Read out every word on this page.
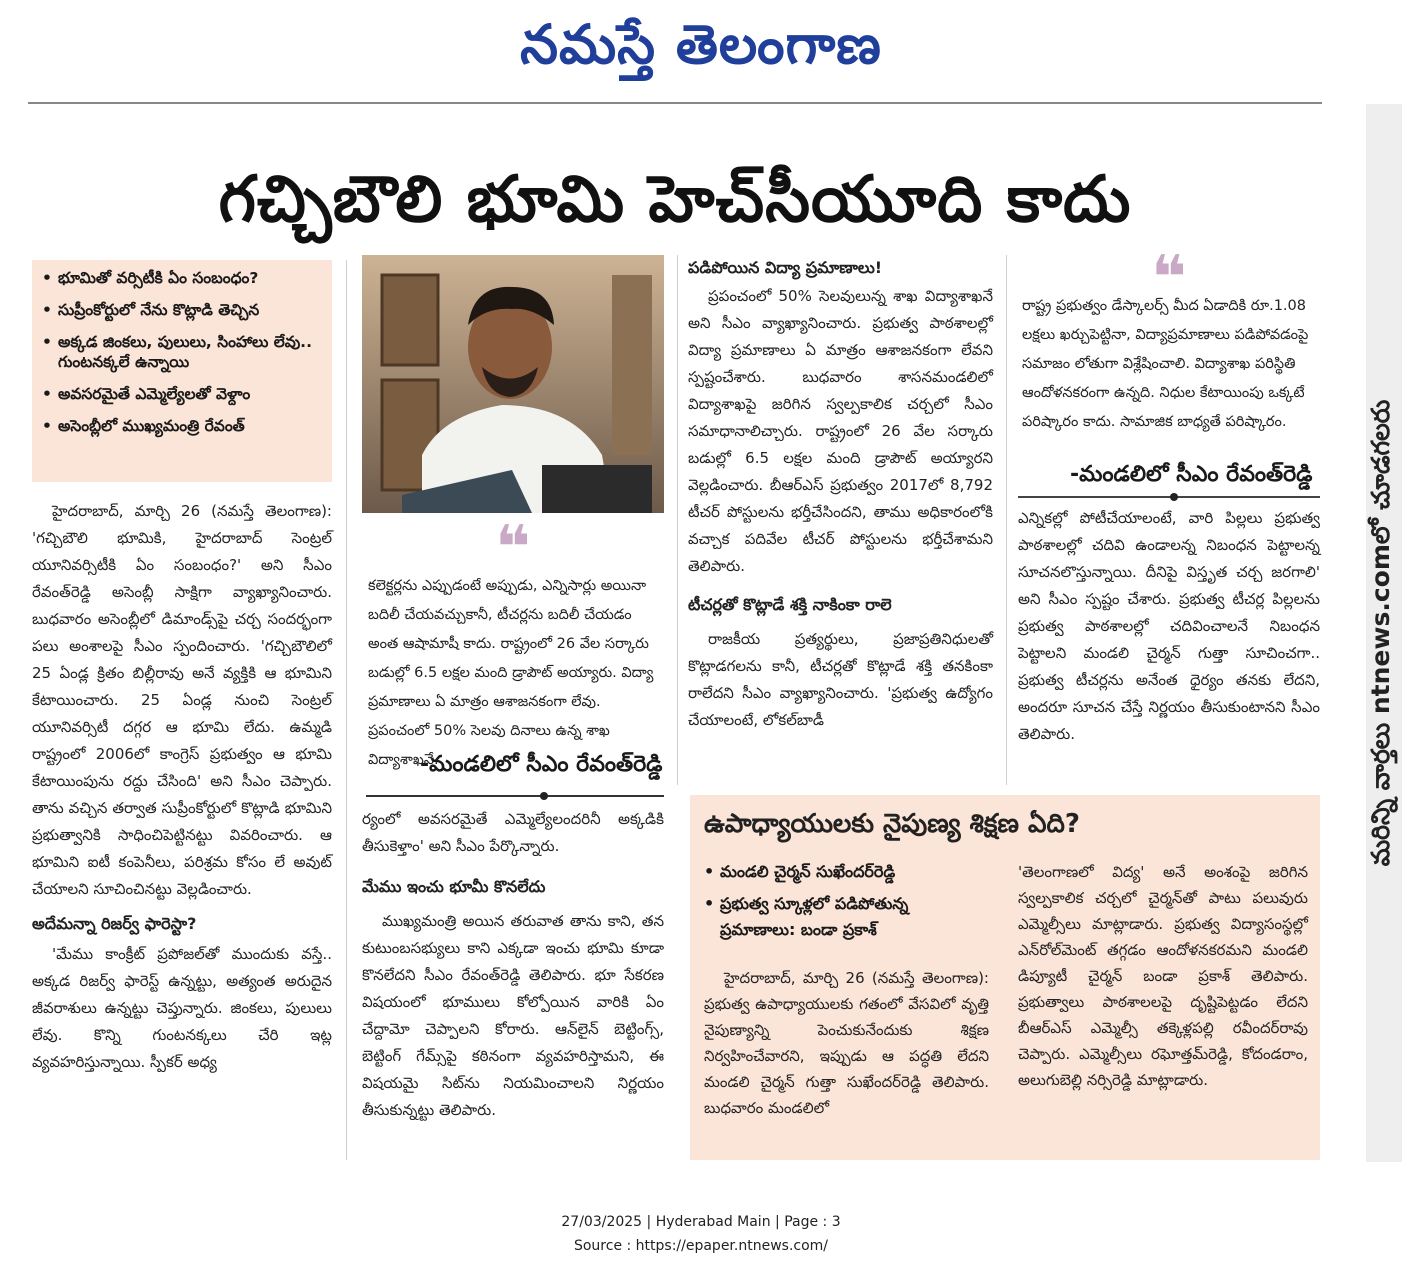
నమస్తే తెలంగాణ
గచ్చిబౌలి భూమి హెచ్‌సీయూది కాదు
మరిన్ని వార్తలు ntnews.comలో చూడగలరు
• భూమితో వర్సిటీకి ఏం సంబంధం?
• సుప్రీంకోర్టులో నేను కొట్లాడి తెచ్చిన
• అక్కడ జింకలు, పులులు, సింహాలు లేవు.. గుంటనక్కలే ఉన్నాయి
• అవసరమైతే ఎమ్మెల్యేలతో వెళ్దాం
• అసెంబ్లీలో ముఖ్యమంత్రి రేవంత్

హైదరాబాద్, మార్చి 26 (నమస్తే తెలంగాణ): 'గచ్చిబౌలి భూమికి, హైదరాబాద్ సెంట్రల్ యూనివర్సిటీకి ఏం సంబంధం?' అని సీఎం రేవంత్‌రెడ్డి అసెంబ్లీ సాక్షిగా వ్యాఖ్యానించారు. బుధవారం అసెంబ్లీలో డిమాండ్స్‌పై చర్చ సందర్భంగా పలు అంశాలపై సీఎం స్పందించారు. 'గచ్చిబౌలిలో 25 ఏండ్ల క్రితం బిల్లీరావు అనే వ్యక్తికి ఆ భూమిని కేటాయించారు. 25 ఏండ్ల నుంచి సెంట్రల్ యూనివర్సిటీ దగ్గర ఆ భూమి లేదు. ఉమ్మడి రాష్ట్రంలో 2006లో కాంగ్రెస్ ప్రభుత్వం ఆ భూమి కేటాయింపును రద్దు చేసింది' అని సీఎం చెప్పారు. తాను వచ్చిన తర్వాత సుప్రీంకోర్టులో కొట్లాడి భూమిని ప్రభుత్వానికి సాధించిపెట్టినట్టు వివరించారు. ఆ భూమిని ఐటీ కంపెనీలు, పరిశ్రమ కోసం లే అవుట్ చేయాలని సూచించినట్టు వెల్లడించారు.

అదేమన్నా రిజర్వ్ ఫారెస్టా?

'మేము కాంక్రీట్ ప్రపోజల్‌తో ముందుకు వస్తే.. అక్కడ రిజర్వ్ ఫారెస్ట్ ఉన్నట్టు, అత్యంత అరుదైన జీవరాశులు ఉన్నట్టు చెప్తున్నారు. జింకలు, పులులు లేవు. కొన్ని గుంటనక్కలు చేరి ఇట్ల వ్యవహరిస్తున్నాయి. స్పీకర్ అధ్య

❝
కలెక్టర్లను ఎప్పుడంటే అప్పుడు, ఎన్నిసార్లు అయినా బదిలీ చేయవచ్చుకానీ, టీచర్లను బదిలీ చేయడం అంత ఆషామాషీ కాదు. రాష్ట్రంలో 26 వేల సర్కారు బడుల్లో 6.5 లక్షల మంది డ్రాపౌట్ అయ్యారు. విద్యా ప్రమాణాలు ఏ మాత్రం ఆశాజనకంగా లేవు. ప్రపంచంలో 50% సెలవు దినాలు ఉన్న శాఖ విద్యాశాఖనే.
-మండలిలో సీఎం రేవంత్‌రెడ్డి

ర్యంలో అవసరమైతే ఎమ్మెల్యేలందరినీ అక్కడికి తీసుకెళ్తాం' అని సీఎం పేర్కొన్నారు.

మేము ఇంచు భూమీ కొనలేదు

ముఖ్యమంత్రి అయిన తరువాత తాను కాని, తన కుటుంబసభ్యులు కాని ఎక్కడా ఇంచు భూమి కూడా కొనలేదని సీఎం రేవంత్‌రెడ్డి తెలిపారు. భూ సేకరణ విషయంలో భూములు కోల్పోయిన వారికి ఏం చేద్దామో చెప్పాలని కోరారు. ఆన్‌లైన్ బెట్టింగ్స్, బెట్టింగ్ గేమ్స్‌పై కఠినంగా వ్యవహరిస్తామని, ఈ విషయమై సిట్‌ను నియమించాలని నిర్ణయం తీసుకున్నట్టు తెలిపారు.

పడిపోయిన విద్యా ప్రమాణాలు!

ప్రపంచంలో 50% సెలవులున్న శాఖ విద్యాశాఖనే అని సీఎం వ్యాఖ్యానించారు. ప్రభుత్వ పాఠశాలల్లో విద్యా ప్రమాణాలు ఏ మాత్రం ఆశాజనకంగా లేవని స్పష్టంచేశారు. బుధవారం శాసనమండలిలో విద్యాశాఖపై జరిగిన స్వల్పకాలిక చర్చలో సీఎం సమాధానాలిచ్చారు. రాష్ట్రంలో 26 వేల సర్కారు బడుల్లో 6.5 లక్షల మంది డ్రాపౌట్ అయ్యారని వెల్లడించారు. బీఆర్‌ఎస్ ప్రభుత్వం 2017లో 8,792 టీచర్ పోస్టులను భర్తీచేసిందని, తాము అధికారంలోకి వచ్చాక పదివేల టీచర్ పోస్టులను భర్తీచేశామని తెలిపారు.

టీచర్లతో కొట్లాడే శక్తి నాకింకా రాలె

రాజకీయ ప్రత్యర్థులు, ప్రజాప్రతినిధులతో కొట్లాడగలను కానీ, టీచర్లతో కొట్లాడే శక్తి తనకింకా రాలేదని సీఎం వ్యాఖ్యానించారు. 'ప్రభుత్వ ఉద్యోగం చేయాలంటే, లోకల్‌బాడీ

❝
రాష్ట్ర ప్రభుత్వం డేస్కాలర్స్ మీద ఏడాదికి రూ.1.08 లక్షలు ఖర్చుపెట్టినా, విద్యాప్రమాణాలు పడిపోవడంపై సమాజం లోతుగా విశ్లేషించాలి. విద్యాశాఖ పరిస్థితి ఆందోళనకరంగా ఉన్నది. నిధుల కేటాయింపు ఒక్కటే పరిష్కారం కాదు. సామాజిక బాధ్యతే పరిష్కారం.
-మండలిలో సీఎం రేవంత్‌రెడ్డి

ఎన్నికల్లో పోటీచేయాలంటే, వారి పిల్లలు ప్రభుత్వ పాఠశాలల్లో చదివి ఉండాలన్న నిబంధన పెట్టాలన్న సూచనలొస్తున్నాయి. దీనిపై విస్తృత చర్చ జరగాలి' అని సీఎం స్పష్టం చేశారు. ప్రభుత్వ టీచర్ల పిల్లలను ప్రభుత్వ పాఠశాలల్లో చదివించాలనే నిబంధన పెట్టాలని మండలి చైర్మన్ గుత్తా సూచించగా.. ప్రభుత్వ టీచర్లను అనేంత ధైర్యం తనకు లేదని, అందరూ సూచన చేస్తే నిర్ణయం తీసుకుంటానని సీఎం తెలిపారు.

ఉపాధ్యాయులకు నైపుణ్య శిక్షణ ఏది?
• మండలి చైర్మన్ సుఖేందర్‌రెడ్డి
• ప్రభుత్వ స్కూళ్లలో పడిపోతున్న ప్రమాణాలు: బండా ప్రకాశ్

హైదరాబాద్, మార్చి 26 (నమస్తే తెలంగాణ): ప్రభుత్వ ఉపాధ్యాయులకు గతంలో వేసవిలో వృత్తి నైపుణ్యాన్ని పెంచుకునేందుకు శిక్షణ నిర్వహించేవారని, ఇప్పుడు ఆ పద్ధతి లేదని మండలి చైర్మన్ గుత్తా సుఖేందర్‌రెడ్డి తెలిపారు. బుధవారం మండలిలో

'తెలంగాణలో విద్య' అనే అంశంపై జరిగిన స్వల్పకాలిక చర్చలో చైర్మన్‌తో పాటు పలువురు ఎమ్మెల్సీలు మాట్లాడారు. ప్రభుత్వ విద్యాసంస్థల్లో ఎన్‌రోల్‌మెంట్ తగ్గడం ఆందోళనకరమని మండలి డిప్యూటీ చైర్మన్ బండా ప్రకాశ్ తెలిపారు. ప్రభుత్వాలు పాఠశాలలపై దృష్టిపెట్టడం లేదని బీఆర్‌ఎస్ ఎమ్మెల్సీ తక్కెళ్లపల్లి రవీందర్‌రావు చెప్పారు. ఎమ్మెల్సీలు రఘోత్తమ్‌రెడ్డి, కోదండరాం, అలుగుబెల్లి నర్సిరెడ్డి మాట్లాడారు.

27/03/2025 | Hyderabad Main | Page : 3
Source : https://epaper.ntnews.com/
